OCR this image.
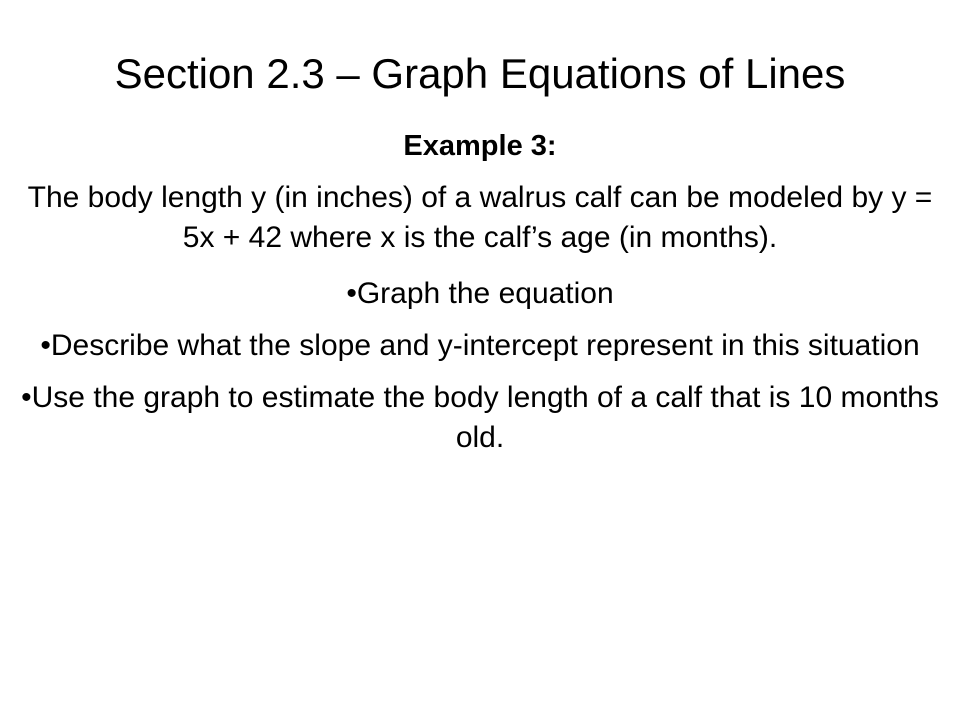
Section 2.3 – Graph Equations of Lines

Example 3:

The body length y (in inches) of a walrus calf can be modeled by y = 5x + 42 where x is the calf’s age (in months).

•Graph the equation
•Describe what the slope and y-intercept represent in this situation
•Use the graph to estimate the body length of a calf that is 10 months old.
